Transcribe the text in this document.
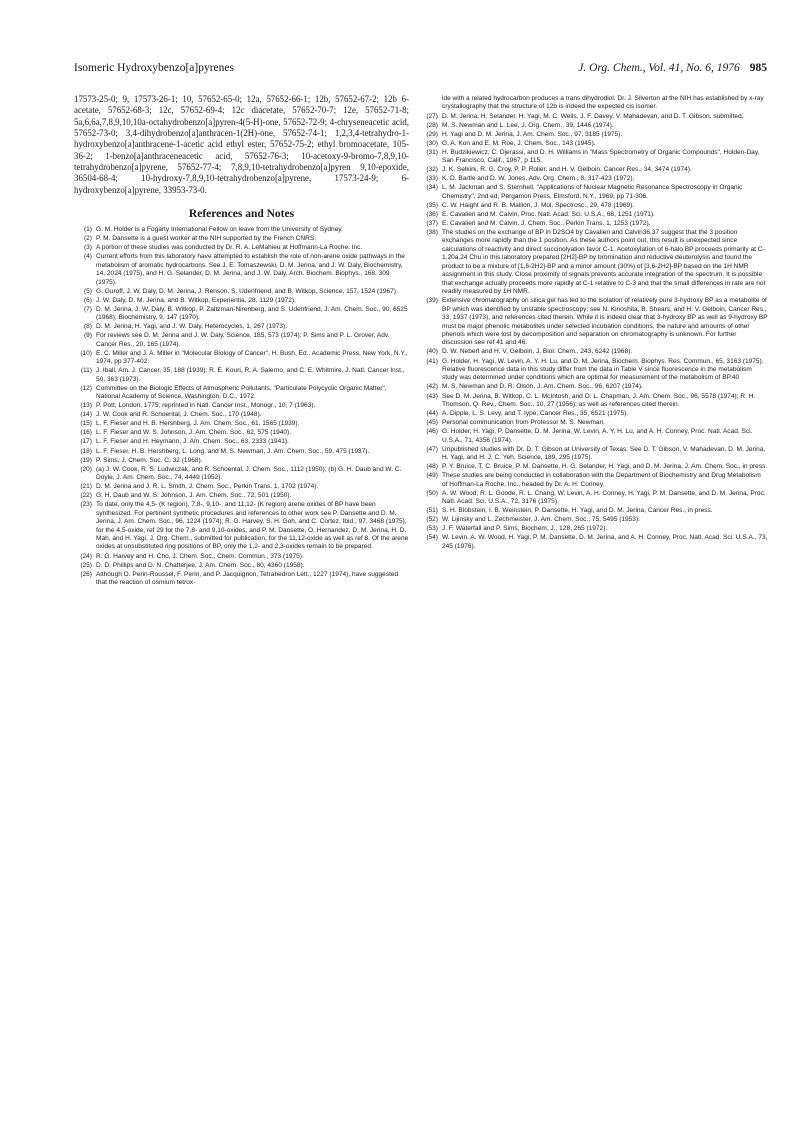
Isomeric Hydroxybenzo[a]pyrenes	J. Org. Chem., Vol. 41, No. 6, 1976 985
17573-25-0; 9, 17573-26-1; 10, 57652-65-0; 12a, 57652-66-1; 12b, 57652-67-2; 12b 6-acetate, 57652-68-3; 12c, 57652-69-4; 12c diacetate, 57652-70-7; 12e, 57652-71-8; 5a,6,6a,7,8,9,10,10a-octahydrobenzo[a]pyren-4(5-H)-one, 57652-72-9; 4-chryseneacetic acid, 57652-73-0; 3,4-dihydrobenzo[a]anthracen-1(2H)-one, 57652-74-1; 1,2,3,4-tetrahydro-1-hydroxybenzo[a]anthracene-1-acetic acid ethyl ester, 57652-75-2; ethyl bromoacetate, 105-36-2; 1-benzo[a]anthraceneacetic acid, 57652-76-3; 10-acetoxy-9-bromo-7,8,9,10-tetrahydrobenzo[a]pyrene, 57652-77-4; 7,8,9,10-tetrahydrobenzo[a]pyren 9,10-epoxide, 36504-68-4; 10-hydroxy-7,8,9,10-tetrahydrobenzo[a]pyrene, 17573-24-9; 6-hydroxybenzo[a]pyrene, 33953-73-0.
References and Notes
(1) G. M. Holder is a Fogarty International Fellow on leave from the University of Sydney.
(2) P. M. Dansette is a guest worker at the NIH supported by the French CNRS.
(3) A portion of these studies was conducted by Dr. R. A. LeMahieu at Hoffmann-La Roche, Inc.
(4) Current efforts from this laboratory have attempted to establish the role of non-arene oxide pathways in the metabolism of aromatic hydrocarbons. See J. E. Tomaszewski, D. M. Jerina, and J. W. Daly, Biochemistry, 14, 2024 (1975), and H. G. Selander, D. M. Jerina, and J. W. Daly, Arch. Biochem. Biophys., 168, 309 (1975).
(5) G. Guroff, J. W. Daly, D. M. Jerina, J. Renson, S. Udenfriend, and B. Witkop, Science, 157, 1524 (1967).
(6) J. W. Daly, D. M. Jerina, and B. Witkop, Experientia, 28, 1129 (1972).
(7) D. M. Jerina, J. W. Daly, B. Witkop, P. Zaltzman-Nirenberg, and S. Udenfriend, J. Am. Chem. Soc., 90, 6525 (1968); Biochemistry, 9, 147 (1970).
(8) D. M. Jerina, H. Yagi, and J. W. Daly, Heterocycles, 1, 267 (1973).
(9) For reviews see D. M. Jerina and J. W. Daly, Science, 185, 573 (1974); P. Sims and P. L. Grover, Adv. Cancer Res., 20, 165 (1974).
(10) E. C. Miller and J. A. Miller in "Molecular Biology of Cancer", H. Bush, Ed., Academic Press, New York, N.Y., 1974, pp 377-402.
(11) J. Iball, Am. J. Cancer, 35, 188 (1939); R. E. Kouri, R. A. Salerno, and C. E. Whitmire, J. Natl. Cancer Inst., 50, 363 (1973).
(12) Committee on the Biologic Effects of Atmospheric Pollutants, "Particulate Polycyclic Organic Matter", National Academy of Science, Washington, D.C., 1972.
(13) P. Pott, London, 1775; reprinted in Natl. Cancer Inst., Monogr., 10, 7 (1963).
(14) J. W. Cook and R. Schoental, J. Chem. Soc., 170 (1948).
(15) L. F. Fieser and H. B. Hershberg, J. Am. Chem. Soc., 61, 1565 (1939).
(16) L. F. Fieser and W. S. Johnson, J. Am. Chem. Soc., 62, 575 (1940).
(17) L. F. Fieser and H. Heymann, J. Am. Chem. Soc., 63, 2333 (1941).
(18) L. F. Fieser, H. B. Hershberg, L. Long, and M. S. Newman, J. Am. Chem. Soc., 59, 475 (1937).
(19) P. Sims, J. Chem. Soc. C, 32 (1968).
(20) (a) J. W. Cook, R. S. Ludwiczak, and R. Schoental, J. Chem. Soc., 1112 (1950); (b) G. H. Daub and W. C. Doyle, J. Am. Chem. Soc., 74, 4449 (1952).
(21) D. M. Jerina and J. R. L. Smith, J. Chem. Soc., Perkin Trans. 1, 1702 (1974).
(22) G. H. Daub and W. S. Johnson, J. Am. Chem. Soc., 72, 501 (1950).
(23) To date, only the 4,5- (K region), 7,8-, 9,10-, and 11,12- (K region) arene oxides of BP have been synthesized. For pertinent synthetic procedures and references to other work see P. Dansette and D. M. Jerina, J. Am. Chem. Soc., 96, 1224 (1974); R. G. Harvey, S. H. Goh, and C. Cortez, Ibid., 97, 3468 (1975), for the 4,5-oxide, ref 29 for the 7,8- and 9,10-oxides, and P. M. Dansette, O. Hernandez, D. M. Jerina, H. D. Mah, and H. Yagi, J. Org. Chem., submitted for publication, for the 11,12-oxide as well as ref 8. Of the arene oxides at unsubstituted ring positions of BP, only the 1,2- and 2,3-oxides remain to be prepared.
(24) R. G. Harvey and H. Cho, J. Chem. Soc., Chem. Commun., 373 (1975).
(25) D. D. Phillips and D. N. Chatterjee, J. Am. Chem. Soc., 80, 4360 (1958).
(26) Although O. Perin-Roussel, F. Perin, and P. Jacquignon, Tetrahedron Lett., 1227 (1974), have suggested that the reaction of osmium tetrox-
ide with a related hydrocarbon produces a trans dihydrodiol. Dr. J. Silverton at the NIH has established by x-ray crystallography that the structure of 12b is indeed the expected cis isomer.
(27) D. M. Jerina, H. Selander, H. Yagi, M. C. Wells, J. F. Davey, V. Mahadevan, and D. T. Gibson, submitted.
(28) M. S. Newman and L. Lee, J. Org. Chem., 39, 1446 (1974).
(29) H. Yagi and D. M. Jerina, J. Am. Chem. Soc., 97, 3185 (1975).
(30) G. A. Kon and E. M. Roe, J. Chem. Soc., 143 (1945).
(31) H. Budzikiewicz, C. Djerassi, and D. H. Williams in "Mass Spectrometry of Organic Compounds", Holden-Day, San Francisco, Calif., 1967, p 115.
(32) J. K. Selkirk, R. G. Croy, P. P. Roller, and H. V. Gelboin, Cancer Res., 34, 3474 (1974).
(33) K. D. Bartle and D. W. Jones, Adv. Org. Chem., 8, 317-423 (1972).
(34) L. M. Jackman and S. Sternhell, "Applications of Nuclear Magnetic Resonance Spectroscopy in Organic Chemistry", 2nd ed, Pergamon Press, Elmsford, N.Y., 1969, pp 71-306.
(35) C. W. Haight and R. B. Mallion, J. Mol. Spectrosc., 29, 478 (1969).
(36) E. Cavalieri and M. Calvin, Proc. Natl. Acad. Sci. U.S.A., 68, 1251 (1971).
(37) E. Cavalieri and M. Calvin, J. Chem. Soc., Perkin Trans. 1, 1253 (1972).
(38) The studies on the exchange of BP in D2SO4 by Cavalieri and Calvin36,37 suggest that the 3 position exchanges more rapidly than the 1 position. As these authors point out, this result is unexpected since calculations of reactivity and direct succinolyation favor C-1. Acetoxylation of 6-halo BP proceeds primarily at C-1.20a,24 Chu in this laboratory prepared [2H2]-BP by bromination and reductive deuterolysis and found the product to be a mixture of [1,6-2H2]-BP and a minor amount (30%) of [3,6-2H2]-BP based on the 1H NMR assignment in this study. Close proximity of signals prevents accurate integration of the spectrum. It is possible that exchange actually proceeds more rapidly at C-1 relative to C-3 and that the small differences in rate are not readily measured by 1H NMR.
(39) Extensive chromatography on silica gel has led to the isolation of relatively pure 3-hydroxy BP as a metabolite of BP which was identified by unstable spectroscopy; see N. Kinoshita, B. Shears, and H. V. Gelboin, Cancer Res., 33, 1937 (1973), and references cited therein. While it is indeed clear that 3-hydroxy BP as well as 9-hydroxy BP must be major phenolic metabolites under selected incubation conditions, the nature and amounts of other phenols which were lost by decomposition and separation on chromatography is unknown. For further discussion see ref 41 and 46.
(40) D. W. Nebert and H. V. Gelboin, J. Biol. Chem., 243, 6242 (1968).
(41) G. Holder, H. Yagi, W. Levin, A. Y. H. Lu, and D. M. Jerina, Biochem. Biophys. Res. Commun., 65, 3163 (1975). Relative fluorescence data in this study differ from the data in Table V since fluorescence in the metabolism study was determined under conditions which are optimal for measurement of the metabolism of BP.40
(42) M. S. Newman and D. R. Olson, J. Am. Chem. Soc., 96, 6207 (1974).
(43) See D. M. Jerina, B. Witkop, C. L. McIntosh, and O. L. Chapman, J. Am. Chem. Soc., 96, 5578 (1974); R. H. Thomson, Q. Rev., Chem. Soc., 10, 27 (1956); as well as references cited therein.
(44) A. Dipple, L. S. Levy, and T. Iype, Cancer Res., 35, 6521 (1975).
(45) Personal communication from Professor M. S. Newman.
(46) G. Holder, H. Yagi, P. Dansette, D. M. Jerina, W. Levin, A. Y. H. Lu, and A. H. Conney, Proc. Natl. Acad. Sci. U.S.A., 71, 4356 (1974).
(47) Unpublished studies with Dr. D. T. Gibson at University of Texas. See D. T. Gibson, V. Mahadevan, D. M. Jerina, H. Yagi, and H. J. C. Yeh, Science, 189, 295 (1975).
(48) P. Y. Bruice, T. C. Bruice, P. M. Dansette, H. G. Selander, H. Yagi, and D. M. Jerina, J. Am. Chem. Soc., in press.
(49) These studies are being conducted in collaboration with the Department of Biochemistry and Drug Metabolism of Hoffman-La Roche, Inc., headed by Dr. A. H. Conney.
(50) A. W. Wood, R. L. Goode, R. L. Chang, W. Levin, A. H. Conney, H. Yagi, P. M. Dansette, and D. M. Jerina, Proc. Natl. Acad. Sci. U.S.A., 72, 3176 (1975).
(51) S. H. Blobstein, I. B. Weinstein, P. Dansette, H. Yagi, and D. M. Jerina, Cancer Res., in press.
(52) W. Lijinsky and L. Zechmeister, J. Am. Chem. Soc., 75, 5495 (1953).
(53) J. F. Waterfall and P. Sims, Biochem. J., 128, 265 (1972).
(54) W. Levin, A. W. Wood, H. Yagi, P. M. Dansette, D. M. Jerina, and A. H. Conney, Proc. Natl. Acad. Sci. U.S.A., 73, 245 (1976).
